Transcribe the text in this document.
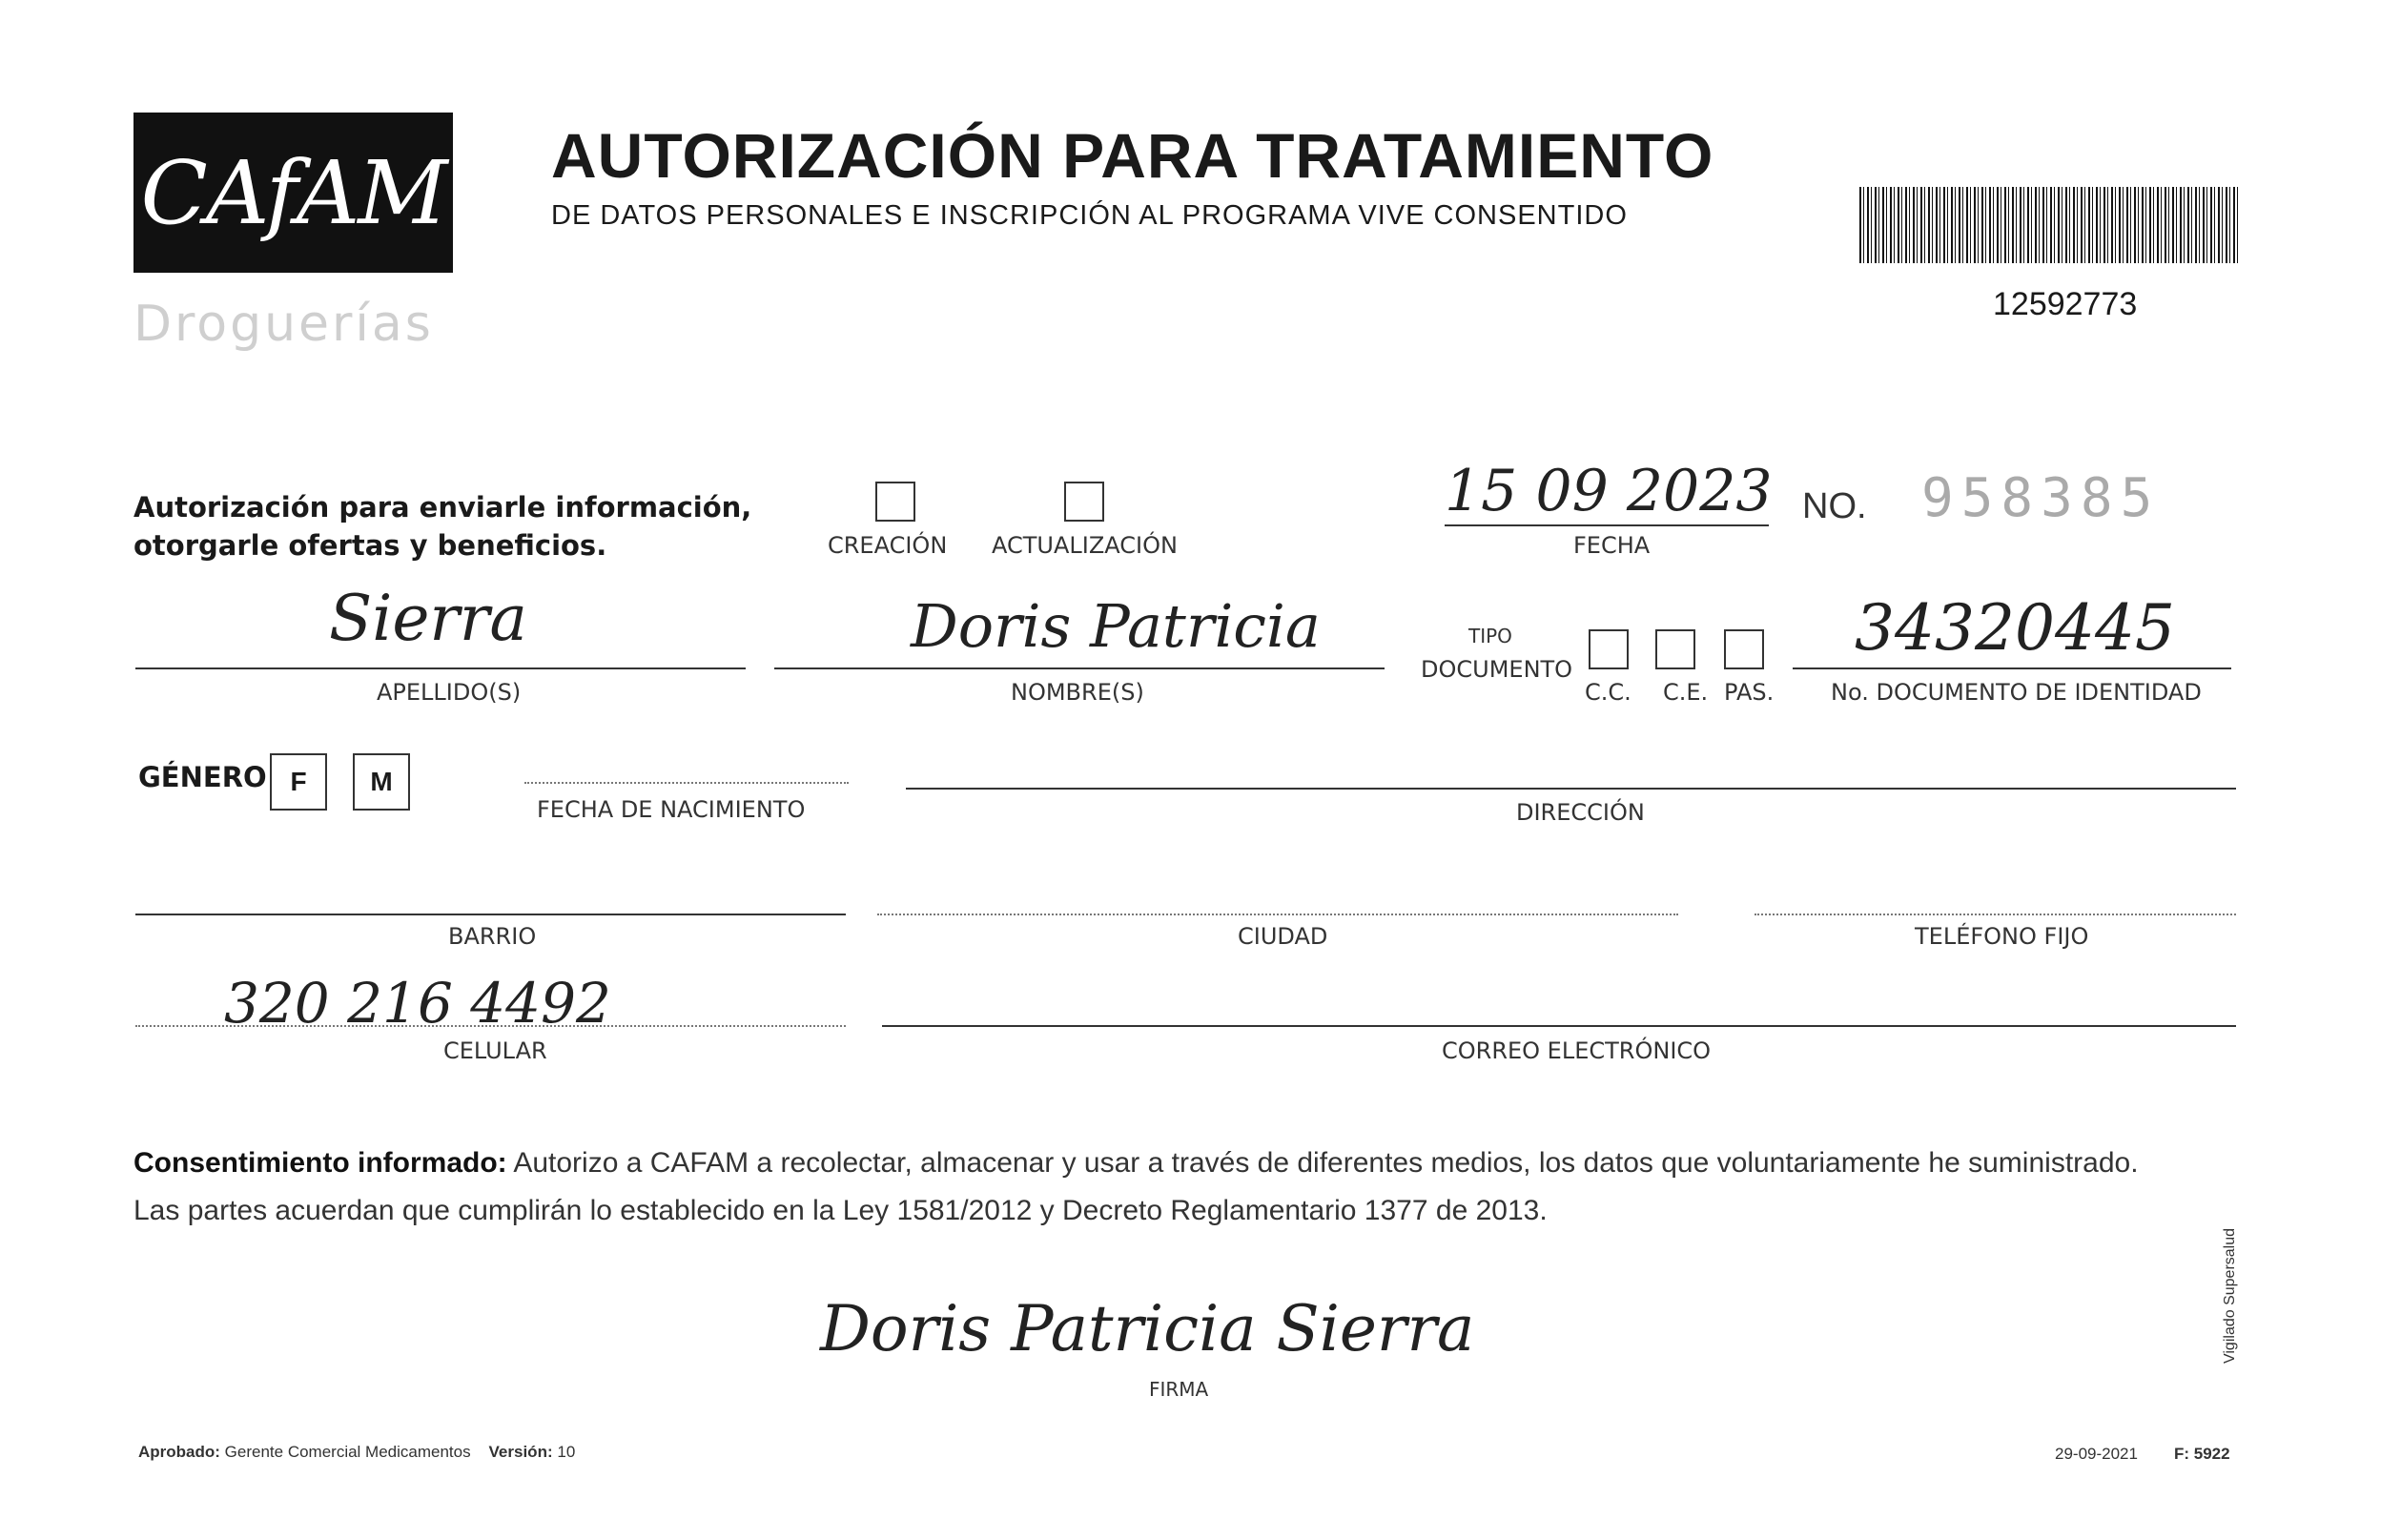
CAfAM
Droguerías
AUTORIZACIÓN PARA TRATAMIENTO
DE DATOS PERSONALES E INSCRIPCIÓN AL PROGRAMA VIVE CONSENTIDO
12592773
Autorización para enviarle información,
otorgarle ofertas y beneficios.	CREACIÓN ACTUALIZACIÓN
15 09 2023
FECHA
NO. 958385
Sierra
APELLIDO(S)
Doris Patricia
NOMBRE(S)
TIPO
DOCUMENTO
C.C. C.E. PAS.
34320445
No. DOCUMENTO DE IDENTIDAD
GÉNERO F	M
FECHA DE NACIMIENTO	DIRECCIÓN
BARRIO	CIUDAD	TELÉFONO FIJO
320 216 4492
CELULAR	CORREO ELECTRÓNICO
Consentimiento informado: Autorizo a CAFAM a recolectar, almacenar y usar a través de diferentes medios, los datos que voluntariamente he suministrado.
Las partes acuerdan que cumplirán lo establecido en la Ley 1581/2012 y Decreto Reglamentario 1377 de 2013.
Doris Patricia Sierra
FIRMA
Aprobado: Gerente Comercial Medicamentos Versión: 10	29-09-2021 F: 5922
Vigilado Supersalud
